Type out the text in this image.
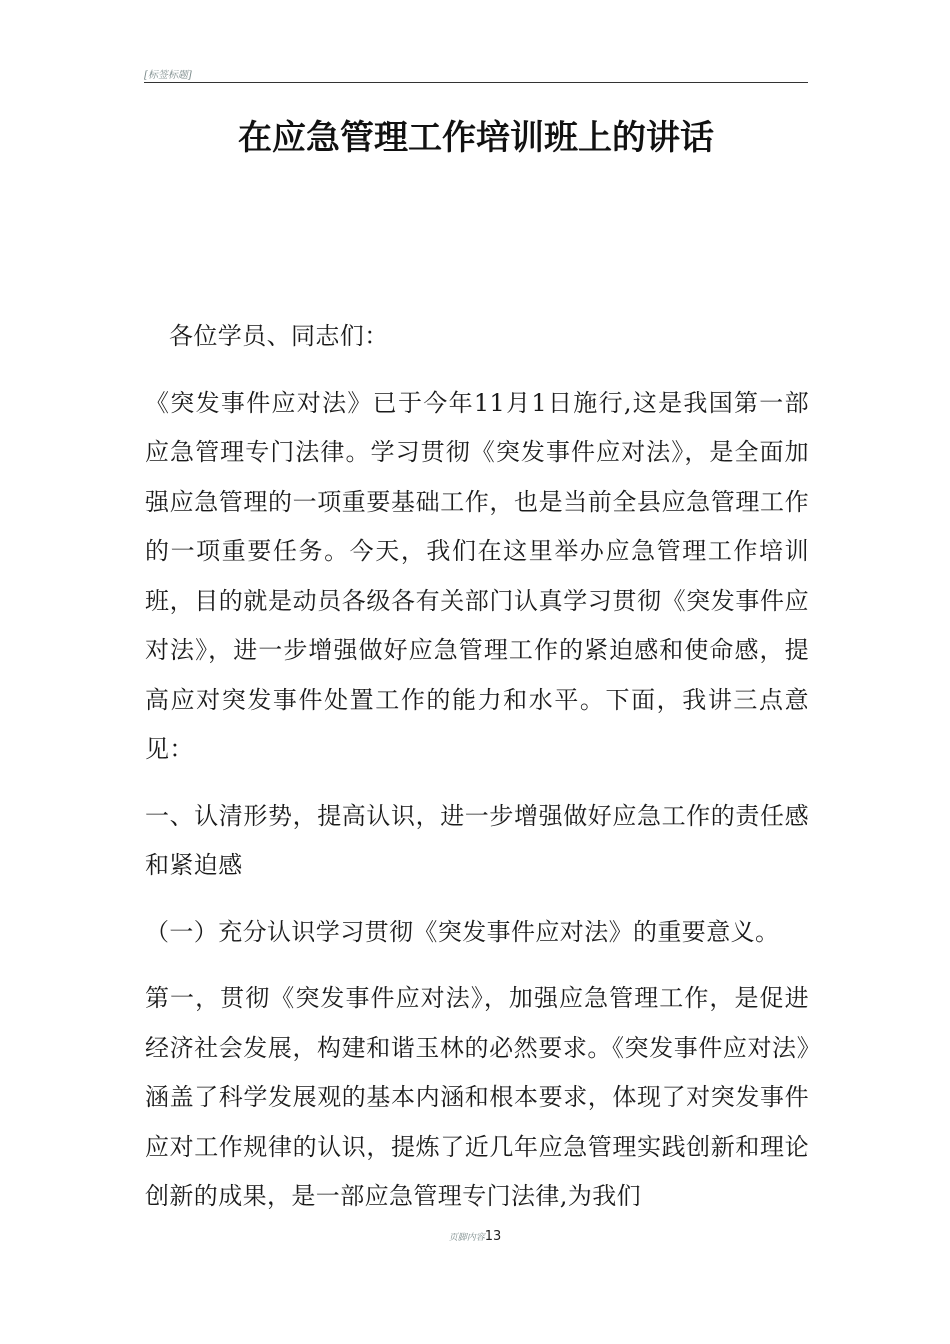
[标签标题]
在应急管理工作培训班上的讲话

各位学员、同志们：

《突发事件应对法》已于今年11月1日施行,这是我国第一部应急管理专门法律。学习贯彻《突发事件应对法》，是全面加强应急管理的一项重要基础工作，也是当前全县应急管理工作的一项重要任务。今天，我们在这里举办应急管理工作培训班，目的就是动员各级各有关部门认真学习贯彻《突发事件应对法》，进一步增强做好应急管理工作的紧迫感和使命感，提高应对突发事件处置工作的能力和水平。下面，我讲三点意见：

一、认清形势，提高认识，进一步增强做好应急工作的责任感和紧迫感

（一）充分认识学习贯彻《突发事件应对法》的重要意义。

第一，贯彻《突发事件应对法》，加强应急管理工作，是促进经济社会发展，构建和谐玉林的必然要求。《突发事件应对法》涵盖了科学发展观的基本内涵和根本要求，体现了对突发事件应对工作规律的认识，提炼了近几年应急管理实践创新和理论创新的成果，是一部应急管理专门法律,为我们

页脚内容13
